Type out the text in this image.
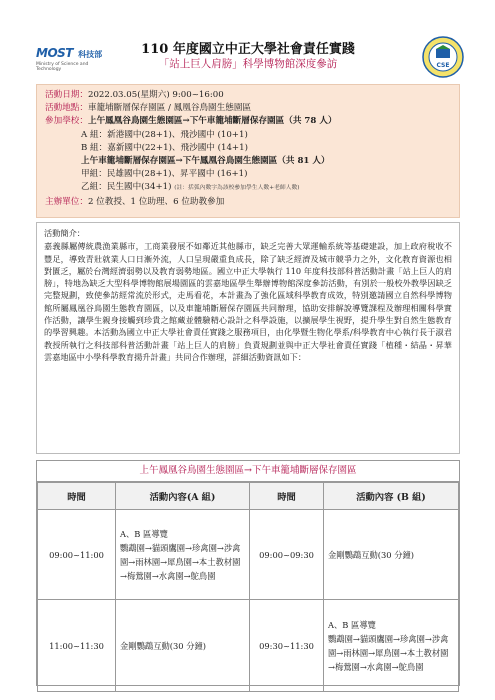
MOST 科技部
Ministry of Science and Technology
110 年度國立中正大學社會責任實踐
「站上巨人肩膀」科學博物館深度參訪	CSE
活動日期：2022.03.05(星期六) 9:00~16:00
活動地點：車籠埔斷層保存園區 / 鳳凰谷鳥園生態園區
參加學校：上午鳳凰谷鳥園生態園區→下午車籠埔斷層保存園區（共 78 人）
A 組：新港國中(28+1)、飛沙國中 (10+1)
B 組：嘉新國中(22+1)、飛沙國中 (14+1)
上午車籠埔斷層保存園區→下午鳳凰谷鳥園生態園區（共 81 人）
甲組：民雄國中(28+1)、昇平國中 (16+1)
乙組：民生國中(34+1) (註：括弧內數字為該校參加學生人數+老師人數)
主辦單位：2 位教授、1 位助理、6 位助教參加

活動簡介：

嘉義縣屬傳統農漁業縣市，工商業發展不如鄰近其他縣市，缺乏完善大眾運輸系統等基礎建設，加上政府稅收不豐足，導致青壯就業人口日漸外流，人口呈現嚴重負成長，除了缺乏經濟及城市競爭力之外，文化教育資源也相對匱乏，屬於台灣經濟弱勢以及教育弱勢地區。國立中正大學執行 110 年度科技部科普活動計畫「站上巨人的肩膀」，特地為缺乏大型科學博物館展場園區的雲嘉地區學生舉辦博物館深度參訪活動，有別於一般校外教學因缺乏完整規劃，致使參訪經常流於形式，走馬看花，本計畫為了強化區域科學教育成效，特別邀請國立自然科學博物館所屬鳳凰谷鳥園生態教育園區，以及車籠埔斷層保存園區共同辦理，協助安排解說導覽課程及辦理相關科學實作活動，讓學生親身接觸到珍貴之館藏並體驗精心設計之科學設施，以擴展學生視野，提升學生對自然生態教育的學習興趣。本活動為國立中正大學社會責任實踐之服務項目，由化學暨生物化學系/科學教育中心執行長于淑君教授所執行之科技部科普活動計畫「站上巨人的肩膀」負責規劃並與中正大學社會責任實踐「植種・結晶・昇華雲嘉地區中小學科學教育揚升計畫」共同合作辦理，詳細活動資訊如下：

上午鳳凰谷鳥園生態園區→下午車籠埔斷層保存園區
時間	活動內容(A 組)	時間	活動內容 (B 組)
09:00~11:00	A、B 區導覽
鸚鵡園→貓頭鷹園→珍禽園→涉禽園→雨林園→犀鳥園→本土教材園→梅鶯園→水禽園→鴕鳥園	09:00~09:30	金剛鸚鵡互動(30 分鐘)

11:00~11:30	金剛鸚鵡互動(30 分鐘)	09:30~11:30	A、B 區導覽
鸚鵡園→貓頭鷹園→珍禽園→涉禽園→雨林園→犀鳥園→本土教材園→梅鶯園→水禽園→鴕鳥園
